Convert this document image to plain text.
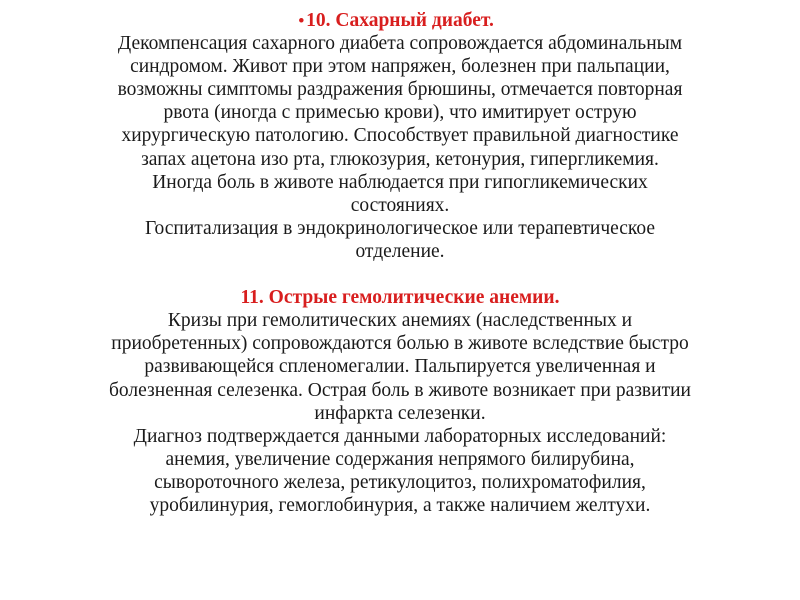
• 10. Сахарный диабет.
Декомпенсация сахарного диабета сопровождается абдоминальным
синдромом. Живот при этом напряжен, болезнен при пальпации,
возможны симптомы раздражения брюшины, отмечается повторная
рвота (иногда с примесью крови), что имитирует острую
хирургическую патологию. Способствует правильной диагностике
запах ацетона изо рта, глюкозурия, кетонурия, гипергликемия.
Иногда боль в животе наблюдается при гипогликемических
состояниях.
Госпитализация в эндокринологическое или терапевтическое
отделение.
11. Острые гемолитические анемии.
Кризы при гемолитических анемиях (наследственных и
приобретенных) сопровождаются болью в животе вследствие быстро
развивающейся спленомегалии. Пальпируется увеличенная и
болезненная селезенка. Острая боль в животе возникает при развитии
инфаркта селезенки.
Диагноз подтверждается данными лабораторных исследований:
анемия, увеличение содержания непрямого билирубина,
сывороточного железа, ретикулоцитоз, полихроматофилия,
уробилинурия, гемоглобинурия, а также наличием желтухи.
